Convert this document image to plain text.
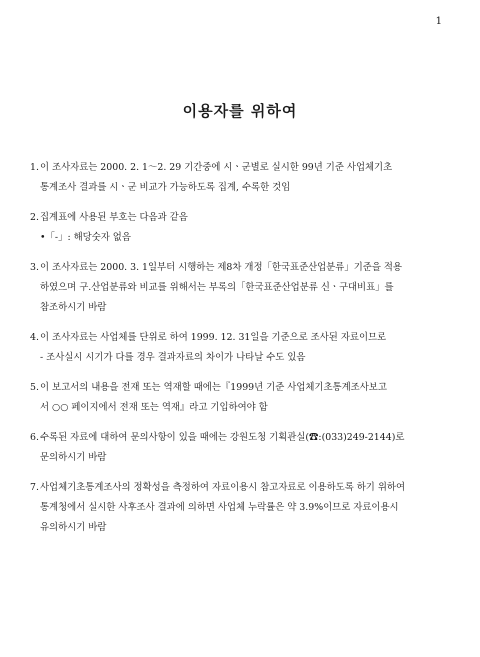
1
이용자를 위하여
1. 이 조사자료는 2000. 2. 1～2. 29 기간중에 시ㆍ군별로 실시한 99년 기준 사업체기초
통계조사 결과를 시ㆍ군 비교가 가능하도록 집계, 수록한 것임
2. 집계표에 사용된 부호는 다음과 같음
•「-」: 해당숫자 없음
3. 이 조사자료는 2000. 3. 1일부터 시행하는 제8차 개정「한국표준산업분류」기준을 적용
하였으며 구.산업분류와 비교를 위해서는 부록의「한국표준산업분류 신ㆍ구대비표」를
참조하시기 바람
4. 이 조사자료는 사업체를 단위로 하여 1999. 12. 31일을 기준으로 조사된 자료이므로
- 조사실시 시기가 다를 경우 결과자료의 차이가 나타날 수도 있음
5. 이 보고서의 내용을 전재 또는 역재할 때에는『1999년 기준 사업체기초통계조사보고
서 ○○ 페이지에서 전재 또는 역재』라고 기입하여야 함
6. 수록된 자료에 대하여 문의사항이 있을 때에는 강원도청 기획관실(☎:(033)249-2144)로
문의하시기 바람
7. 사업체기초통계조사의 정확성을 측정하여 자료이용시 참고자료로 이용하도록 하기 위하여
통계청에서 실시한 사후조사 결과에 의하면 사업체 누락률은 약 3.9%이므로 자료이용시
유의하시기 바람
